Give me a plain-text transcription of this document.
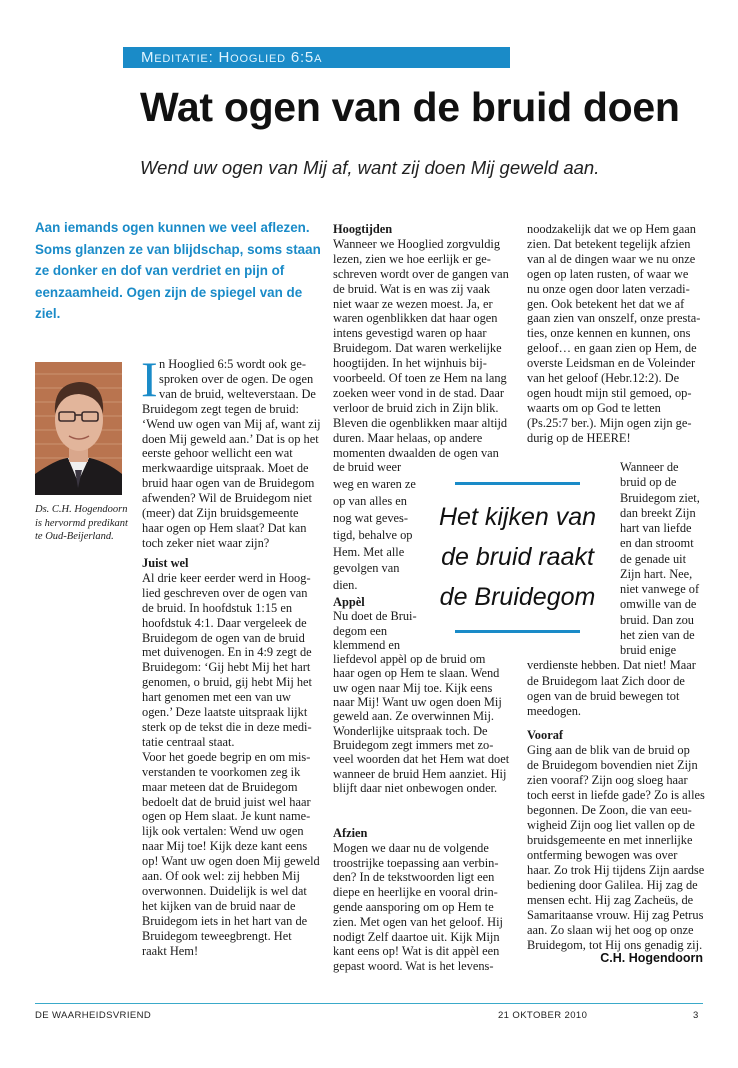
Meditatie: Hooglied 6:5a
Wat ogen van de bruid doen
Wend uw ogen van Mij af, want zij doen Mij geweld aan.
Aan iemands ogen kunnen we veel aflezen.
Soms glanzen ze van blijdschap, soms staan
ze donker en dof van verdriet en pijn of
eenzaamheid. Ogen zijn de spiegel van de
ziel.
Ds. C.H. Hogendoorn
is hervormd predikant
te Oud-Beijerland.
I n Hooglied 6:5 wordt ook ge-
sproken over de ogen. De ogen
van de bruid, welteverstaan. De
Bruidegom zegt tegen de bruid:
‘Wend uw ogen van Mij af, want zij
doen Mij geweld aan.’ Dat is op het
eerste gehoor wellicht een wat
merkwaardige uitspraak. Moet de
bruid haar ogen van de Bruidegom
afwenden? Wil de Bruidegom niet
(meer) dat Zijn bruidsgemeente
haar ogen op Hem slaat? Dat kan
toch zeker niet waar zijn?
Juist wel
Al drie keer eerder werd in Hoog-
lied geschreven over de ogen van
de bruid. In hoofdstuk 1:15 en
hoofdstuk 4:1. Daar vergeleek de
Bruidegom de ogen van de bruid
met duivenogen. En in 4:9 zegt de
Bruidegom: ‘Gij hebt Mij het hart
genomen, o bruid, gij hebt Mij het
hart genomen met een van uw
ogen.’ Deze laatste uitspraak lijkt
sterk op de tekst die in deze medi-
tatie centraal staat.
Voor het goede begrip en om mis-
verstanden te voorkomen zeg ik
maar meteen dat de Bruidegom
bedoelt dat de bruid juist wel haar
ogen op Hem slaat. Je kunt name-
lijk ook vertalen: Wend uw ogen
naar Mij toe! Kijk deze kant eens
op! Want uw ogen doen Mij geweld
aan. Of ook wel: zij hebben Mij
overwonnen. Duidelijk is wel dat
het kijken van de bruid naar de
Bruidegom iets in het hart van de
Bruidegom teweegbrengt. Het
raakt Hem!
Hoogtijden
Wanneer we Hooglied zorgvuldig
lezen, zien we hoe eerlijk er ge-
schreven wordt over de gangen van
de bruid. Wat is en was zij vaak
niet waar ze wezen moest. Ja, er
waren ogenblikken dat haar ogen
intens gevestigd waren op haar
Bruidegom. Dat waren werkelijke
hoogtijden. In het wijnhuis bij-
voorbeeld. Of toen ze Hem na lang
zoeken weer vond in de stad. Daar
verloor de bruid zich in Zijn blik.
Bleven die ogenblikken maar altijd
duren. Maar helaas, op andere
momenten dwaalden de ogen van
de bruid weer
weg en waren ze
op van alles en
nog wat geves-
tigd, behalve op
Hem. Met alle
gevolgen van
dien.
Appèl
Nu doet de Brui-
degom een
klemmend en
liefdevol appèl op de bruid om
haar ogen op Hem te slaan. Wend
uw ogen naar Mij toe. Kijk eens
naar Mij! Want uw ogen doen Mij
geweld aan. Ze overwinnen Mij.
Wonderlijke uitspraak toch. De
Bruidegom zegt immers met zo-
veel woorden dat het Hem wat doet
wanneer de bruid Hem aanziet. Hij
blijft daar niet onbewogen onder.
Afzien
Mogen we daar nu de volgende
troostrijke toepassing aan verbin-
den? In de tekstwoorden ligt een
diepe en heerlijke en vooral drin-
gende aansporing om op Hem te
zien. Met ogen van het geloof. Hij
nodigt Zelf daartoe uit. Kijk Mijn
kant eens op! Wat is dit appèl een
gepast woord. Wat is het levens-
noodzakelijk dat we op Hem gaan
zien. Dat betekent tegelijk afzien
van al de dingen waar we nu onze
ogen op laten rusten, of waar we
nu onze ogen door laten verzadi-
gen. Ook betekent het dat we af
gaan zien van onszelf, onze presta-
ties, onze kennen en kunnen, ons
geloof… en gaan zien op Hem, de
overste Leidsman en de Voleinder
van het geloof (Hebr.12:2). De
ogen houdt mijn stil gemoed, op-
waarts om op God te letten
(Ps.25:7 ber.). Mijn ogen zijn ge-
durig op de HEERE!
Wanneer de
bruid op de
Bruidegom ziet,
dan breekt Zijn
hart van liefde
en dan stroomt
de genade uit
Zijn hart. Nee,
niet vanwege of
omwille van de
bruid. Dan zou
het zien van de
bruid enige
verdienste hebben. Dat niet! Maar
de Bruidegom laat Zich door de
ogen van de bruid bewegen tot
meedogen.
Vooraf
Ging aan de blik van de bruid op
de Bruidegom bovendien niet Zijn
zien vooraf? Zijn oog sloeg haar
toch eerst in liefde gade? Zo is alles
begonnen. De Zoon, die van eeu-
wigheid Zijn oog liet vallen op de
bruidsgemeente en met innerlijke
ontferming bewogen was over
haar. Zo trok Hij tijdens Zijn aardse
bediening door Galilea. Hij zag de
mensen echt. Hij zag Zacheüs, de
Samaritaanse vrouw. Hij zag Petrus
aan. Zo slaan wij het oog op onze
Bruidegom, tot Hij ons genadig zij.
Het kijken van
de bruid raakt
de Bruidegom
C.H. Hogendoorn
DE WAARHEIDSVRIEND	21 OKTOBER 2010	3
